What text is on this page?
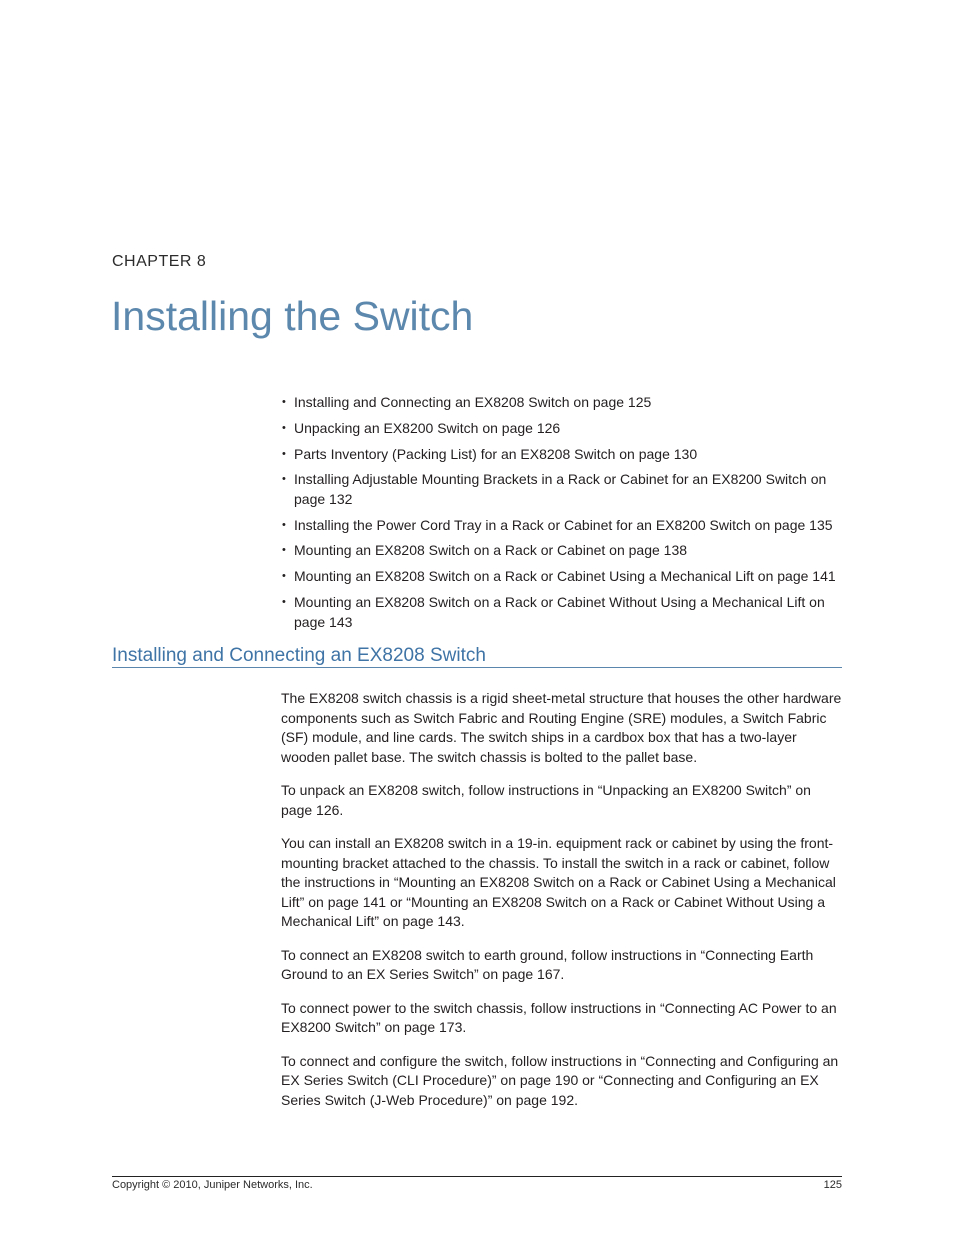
CHAPTER 8
Installing the Switch
• Installing and Connecting an EX8208 Switch on page 125
• Unpacking an EX8200 Switch on page 126
• Parts Inventory (Packing List) for an EX8208 Switch on page 130
• Installing Adjustable Mounting Brackets in a Rack or Cabinet for an EX8200 Switch on page 132
• Installing the Power Cord Tray in a Rack or Cabinet for an EX8200 Switch on page 135
• Mounting an EX8208 Switch on a Rack or Cabinet on page 138
• Mounting an EX8208 Switch on a Rack or Cabinet Using a Mechanical Lift on page 141
• Mounting an EX8208 Switch on a Rack or Cabinet Without Using a Mechanical Lift on page 143
Installing and Connecting an EX8208 Switch

The EX8208 switch chassis is a rigid sheet-metal structure that houses the other hardware components such as Switch Fabric and Routing Engine (SRE) modules, a Switch Fabric (SF) module, and line cards. The switch ships in a cardbox box that has a two-layer wooden pallet base. The switch chassis is bolted to the pallet base.

To unpack an EX8208 switch, follow instructions in “Unpacking an EX8200 Switch” on page 126.

You can install an EX8208 switch in a 19-in. equipment rack or cabinet by using the front-mounting bracket attached to the chassis. To install the switch in a rack or cabinet, follow the instructions in “Mounting an EX8208 Switch on a Rack or Cabinet Using a Mechanical Lift” on page 141 or “Mounting an EX8208 Switch on a Rack or Cabinet Without Using a Mechanical Lift” on page 143.

To connect an EX8208 switch to earth ground, follow instructions in “Connecting Earth Ground to an EX Series Switch” on page 167.

To connect power to the switch chassis, follow instructions in “Connecting AC Power to an EX8200 Switch” on page 173.

To connect and configure the switch, follow instructions in “Connecting and Configuring an EX Series Switch (CLI Procedure)” on page 190 or “Connecting and Configuring an EX Series Switch (J-Web Procedure)” on page 192.

Copyright © 2010, Juniper Networks, Inc.	125
